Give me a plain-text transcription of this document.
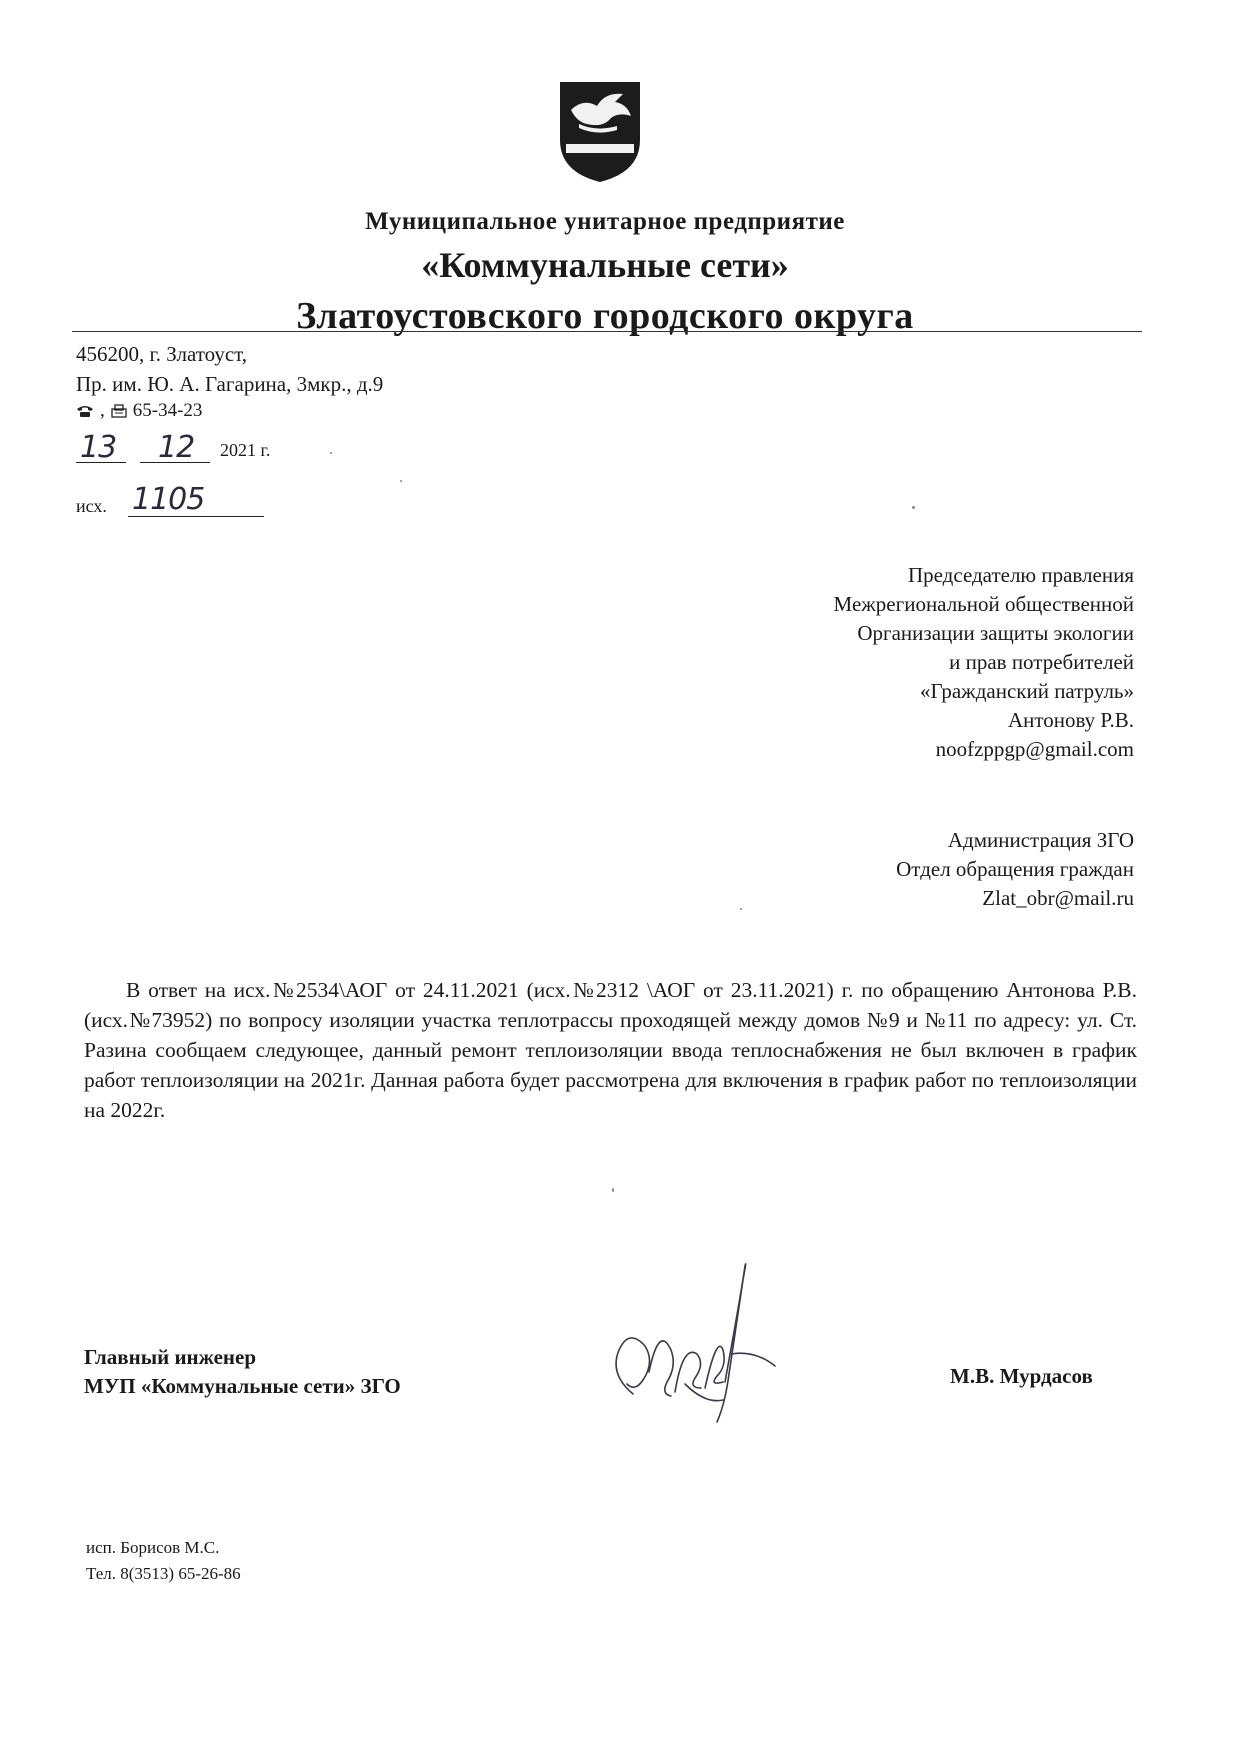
Муниципальное унитарное предприятие
«Коммунальные сети»
Златоустовского городского округа
456200, г. Златоуст,
Пр. им. Ю. А. Гагарина, 3мкр., д.9
, 65-34-23
13 12 2021 г.
исх. 1105
Председателю правления
Межрегиональной общественной
Организации защиты экологии
и прав потребителей
«Гражданский патруль»
Антонову Р.В.
noofzppgp@gmail.com
Администрация ЗГО
Отдел обращения граждан
Zlat_obr@mail.ru
В ответ на исх.№2534\АОГ от 24.11.2021 (исх.№2312 \АОГ от 23.11.2021) г. по обращению Антонова Р.В. (исх.№73952) по вопросу изоляции участка теплотрассы проходящей между домов №9 и №11 по адресу: ул. Ст. Разина сообщаем следующее, данный ремонт теплоизоляции ввода теплоснабжения не был включен в график работ теплоизоляции на 2021г. Данная работа будет рассмотрена для включения в график работ по теплоизоляции на 2022г.
Главный инженер
МУП «Коммунальные сети» ЗГО	М.В. Мурдасов
исп. Борисов М.С.
Тел. 8(3513) 65-26-86
